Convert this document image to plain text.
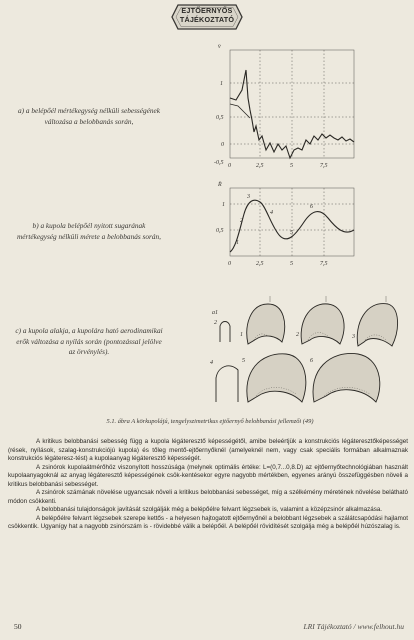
EJTŐERNYŐS
TÁJÉKOZTATÓ
a) a belépőél mértékegység nélküli sebességének változása a belobbanás során,
b) a kupola belépőél nyitott sugarának mértékegység nélküli mérete a belobbanás során,
c) a kupola alakja, a kupolára ható aerodinamikai erők változása a nyílás során (pontozással jelölve az örvénylés).
v̄
1
0,5
0
-0,5 0	2,5	5	7,5
R̄
1
0,5
0	2,5	5	7,5
1
2
3
4
5
6
a1
2
1	2	3
4	5	6
5.1. ábra A körkupolájú, tengelyszimetrikus ejtőernyő belobbanási jellemzői (49)

A kritikus belobbanási sebesség függ a kupola légáteresztő képességétől, amibe beleértjük a konstrukciós légáteresztőképességet (rések, nyílások, szalag-konstrukciójú kupola) és tőleg mentő-ejtőernyőknél (amelyeknél nem, vagy csak speciális formában alkalmaznak konstrukciós légáteresz-tést) a kupolaanyag légáteresztő képességét.

A zsinórok kupolaátmérőhöz viszonyított hosszúsága (melynek optimális értéke: L=(0,7...0,8.D) az ejtőernyőtechnológiában használt kupolaanyagoknál az anyag légáteresztő képességének csök-kentésekor egyre nagyobb mértékben, egyenes arányú összefüggésben növeli a kritikus belobbanási sebességet.

A zsinórok számának növelése ugyancsak növeli a kritikus belobbanási sebességet, míg a szélkémény méretének növelése belátható módon csökkenti.

A belobbanási tulajdonságok javítását szolgálják még a belépőélre felvarrt légzsebek is, valamint a középzsinór alkalmazása.

A belépőélre felvarrt légzsebek szerepe kettős - a helyesen hajtogatott ejtőernyőnél a belobbant légzsebek a szálátcsapódási hajlamot csökkentik. Ugyanígy hat a nagyobb zsinórszám is - rövidebbé válik a belépőél. A belépőél rövidítését szolgálja még a belépőél húzószalag is.

50	LRI Tájékoztató / www.felhout.hu
